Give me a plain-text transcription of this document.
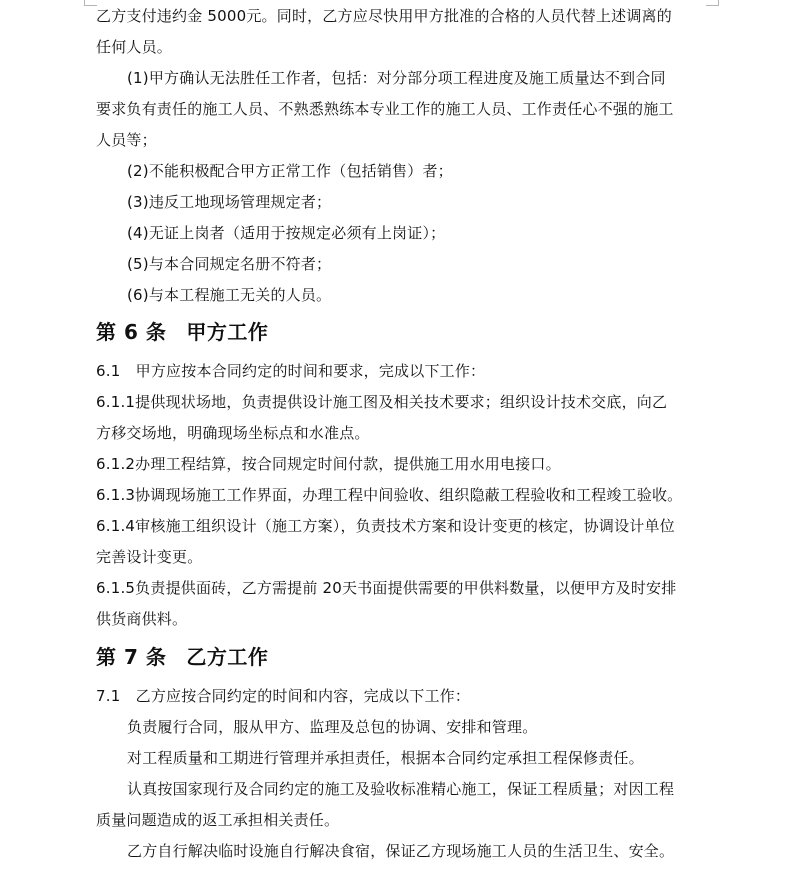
乙方支付违约金 5000元。同时，乙方应尽快用甲方批准的合格的人员代替上述调离的
任何人员。
(1)甲方确认无法胜任工作者，包括：对分部分项工程进度及施工质量达不到合同
要求负有责任的施工人员、不熟悉熟练本专业工作的施工人员、工作责任心不强的施工
人员等；
(2)不能积极配合甲方正常工作（包括销售）者；
(3)违反工地现场管理规定者；
(4)无证上岗者（适用于按规定必须有上岗证）；
(5)与本合同规定名册不符者；
(6)与本工程施工无关的人员。
第 6 条 甲方工作
6.1　甲方应按本合同约定的时间和要求，完成以下工作：
6.1.1提供现状场地，负责提供设计施工图及相关技术要求；组织设计技术交底，向乙
方移交场地，明确现场坐标点和水准点。
6.1.2办理工程结算，按合同规定时间付款，提供施工用水用电接口。
6.1.3协调现场施工工作界面，办理工程中间验收、组织隐蔽工程验收和工程竣工验收。
6.1.4审核施工组织设计（施工方案），负责技术方案和设计变更的核定，协调设计单位
完善设计变更。
6.1.5负责提供面砖，乙方需提前 20天书面提供需要的甲供料数量，以便甲方及时安排
供货商供料。
第 7 条 乙方工作
7.1　乙方应按合同约定的时间和内容，完成以下工作：
负责履行合同，服从甲方、监理及总包的协调、安排和管理。
对工程质量和工期进行管理并承担责任，根据本合同约定承担工程保修责任。
认真按国家现行及合同约定的施工及验收标准精心施工，保证工程质量；对因工程
质量问题造成的返工承担相关责任。
乙方自行解决临时设施自行解决食宿，保证乙方现场施工人员的生活卫生、安全。
